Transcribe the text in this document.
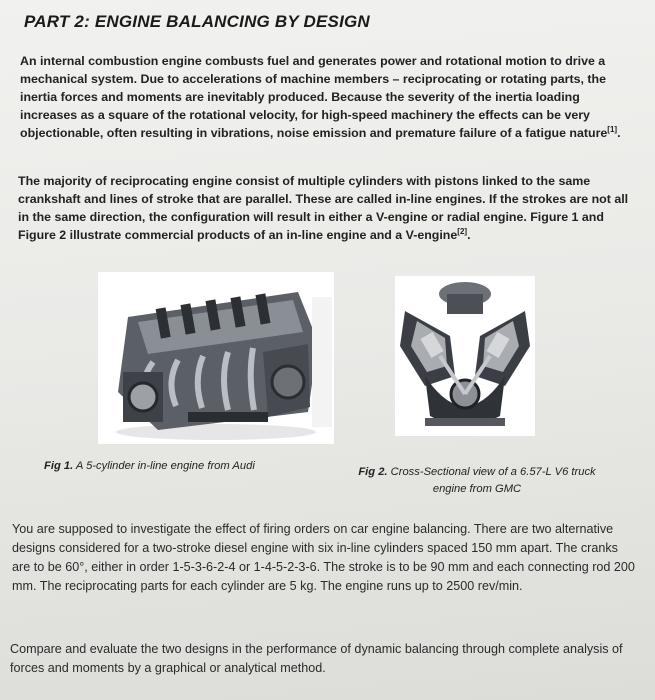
PART 2: ENGINE BALANCING BY DESIGN
An internal combustion engine combusts fuel and generates power and rotational motion to drive a mechanical system. Due to accelerations of machine members – reciprocating or rotating parts, the inertia forces and moments are inevitably produced. Because the severity of the inertia loading increases as a square of the rotational velocity, for high-speed machinery the effects can be very objectionable, often resulting in vibrations, noise emission and premature failure of a fatigue nature[1].
The majority of reciprocating engine consist of multiple cylinders with pistons linked to the same crankshaft and lines of stroke that are parallel. These are called in-line engines. If the strokes are not all in the same direction, the configuration will result in either a V-engine or radial engine. Figure 1 and Figure 2 illustrate commercial products of an in-line engine and a V-engine[2].
Fig 1. A 5-cylinder in-line engine from Audi	Fig 2. Cross-Sectional view of a 6.57-L V6 truck
engine from GMC
You are supposed to investigate the effect of firing orders on car engine balancing. There are two alternative designs considered for a two-stroke diesel engine with six in-line cylinders spaced 150 mm apart. The cranks are to be 60°, either in order 1-5-3-6-2-4 or 1-4-5-2-3-6. The stroke is to be 90 mm and each connecting rod 200 mm. The reciprocating parts for each cylinder are 5 kg. The engine runs up to 2500 rev/min.
Compare and evaluate the two designs in the performance of dynamic balancing through complete analysis of forces and moments by a graphical or analytical method.
